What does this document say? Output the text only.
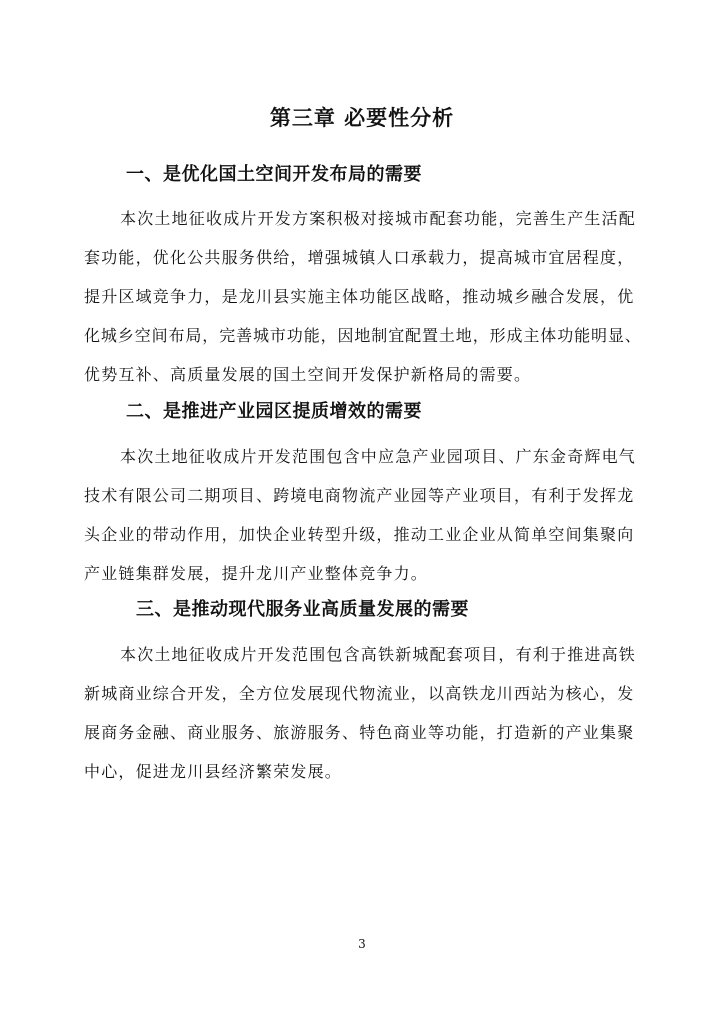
第三章 必要性分析
一、是优化国土空间开发布局的需要

本次土地征收成片开发方案积极对接城市配套功能，完善生产生活配

套功能，优化公共服务供给，增强城镇人口承载力，提高城市宜居程度，

提升区域竞争力，是龙川县实施主体功能区战略，推动城乡融合发展，优

化城乡空间布局，完善城市功能，因地制宜配置土地，形成主体功能明显、

优势互补、高质量发展的国土空间开发保护新格局的需要。

二、是推进产业园区提质增效的需要

本次土地征收成片开发范围包含中应急产业园项目、广东金奇辉电气

技术有限公司二期项目、跨境电商物流产业园等产业项目，有利于发挥龙

头企业的带动作用，加快企业转型升级，推动工业企业从简单空间集聚向

产业链集群发展，提升龙川产业整体竞争力。

三、是推动现代服务业高质量发展的需要

本次土地征收成片开发范围包含高铁新城配套项目，有利于推进高铁

新城商业综合开发，全方位发展现代物流业，以高铁龙川西站为核心，发

展商务金融、商业服务、旅游服务、特色商业等功能，打造新的产业集聚

中心，促进龙川县经济繁荣发展。

3
